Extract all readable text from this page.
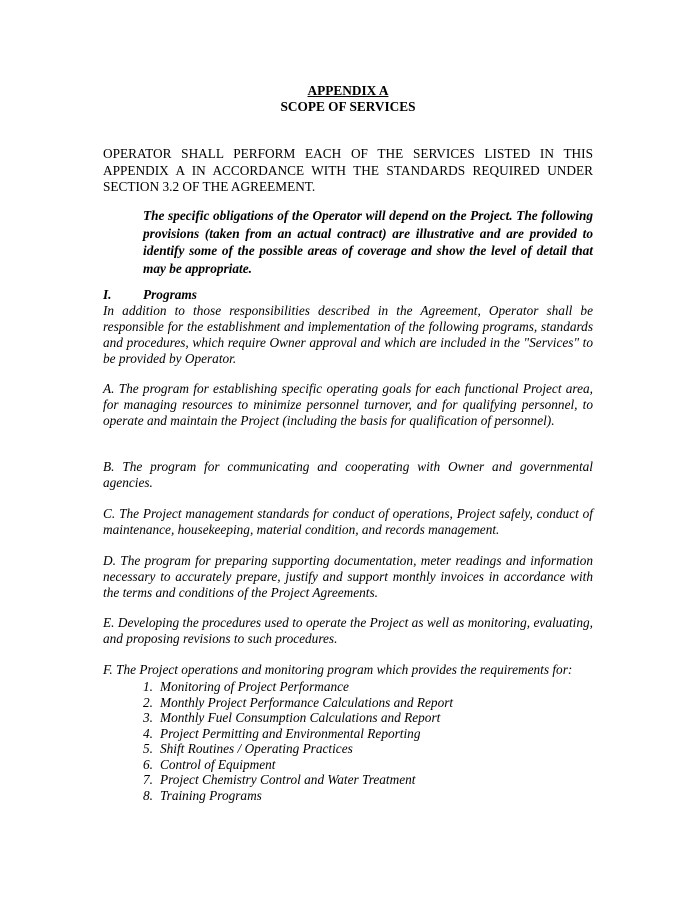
APPENDIX A
SCOPE OF SERVICES
OPERATOR SHALL PERFORM EACH OF THE SERVICES LISTED IN THIS APPENDIX A IN ACCORDANCE WITH THE STANDARDS REQUIRED UNDER SECTION 3.2 OF THE AGREEMENT.
The specific obligations of the Operator will depend on the Project. The following provisions (taken from an actual contract) are illustrative and are provided to identify some of the possible areas of coverage and show the level of detail that may be appropriate.
I. Programs
In addition to those responsibilities described in the Agreement, Operator shall be responsible for the establishment and implementation of the following programs, standards and procedures, which require Owner approval and which are included in the "Services" to be provided by Operator.
A. The program for establishing specific operating goals for each functional Project area, for managing resources to minimize personnel turnover, and for qualifying personnel, to operate and maintain the Project (including the basis for qualification of personnel).
B. The program for communicating and cooperating with Owner and governmental agencies.
C. The Project management standards for conduct of operations, Project safely, conduct of maintenance, housekeeping, material condition, and records management.
D. The program for preparing supporting documentation, meter readings and information necessary to accurately prepare, justify and support monthly invoices in accordance with the terms and conditions of the Project Agreements.
E. Developing the procedures used to operate the Project as well as monitoring, evaluating, and proposing revisions to such procedures.
F. The Project operations and monitoring program which provides the requirements for:
1. Monitoring of Project Performance
2. Monthly Project Performance Calculations and Report
3. Monthly Fuel Consumption Calculations and Report
4. Project Permitting and Environmental Reporting
5. Shift Routines / Operating Practices
6. Control of Equipment
7. Project Chemistry Control and Water Treatment
8. Training Programs
